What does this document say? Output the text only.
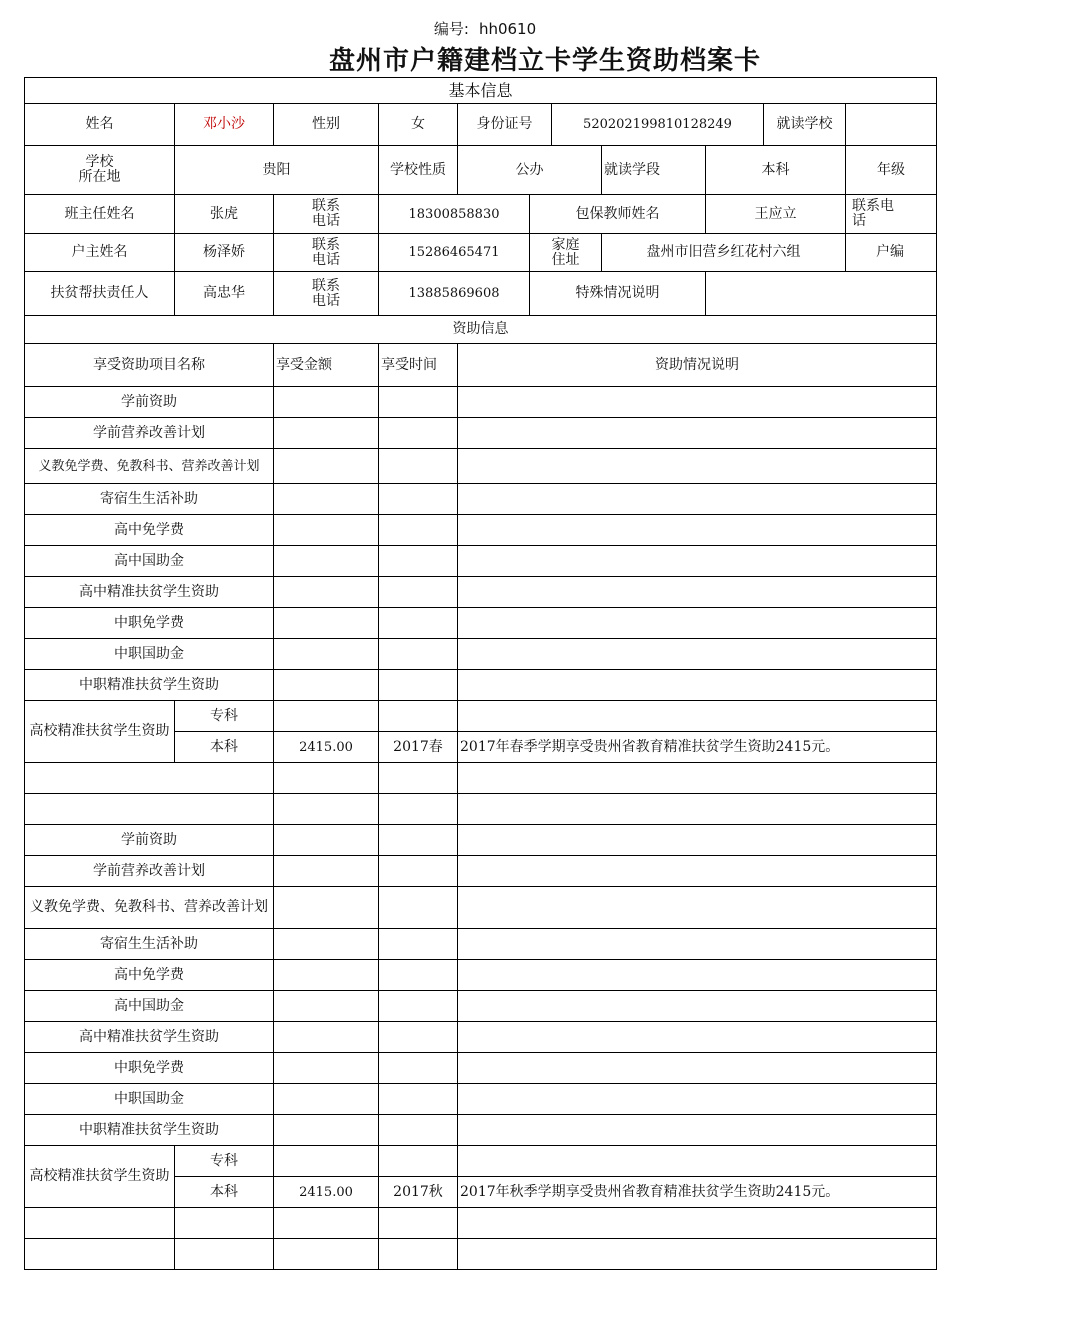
编号: hh0610
盘州市户籍建档立卡学生资助档案卡
基本信息										
姓名	邓小沙	性别	女	身份证号		520202199810128249			就读学校	
学校
所在地	贵阳		学校性质	公办			就读学段	本科		年级
班主任姓名	张虎	联系
电话	18300858830		包保教师姓名			王应立		联系电
话
户主姓名	杨泽娇	联系
电话	15286465471		家庭
住址		盘州市旧营乡红花村六组			户编
扶贫帮扶责任人	高忠华	联系
电话	13885869608		特殊情况说明					
资助信息										
享受资助项目名称		享受金额	享受时间	资助情况说明						
学前资助										
学前营养改善计划										
义教免学费、免教科书、营养改善计划										
寄宿生生活补助										
高中免学费										
高中国助金										
高中精准扶贫学生资助										
中职免学费										
中职国助金										
中职精准扶贫学生资助										
高校精准扶贫学生资助	专科									
	本科	2415.00	2017春	2017年春季学期享受贵州省教育精准扶贫学生资助2415元。						

学前资助										
学前营养改善计划										
义教免学费、免教科书、营养改善计划										
寄宿生生活补助										
高中免学费										
高中国助金										
高中精准扶贫学生资助										
中职免学费										
中职国助金										
中职精准扶贫学生资助										
高校精准扶贫学生资助	专科									
	本科	2415.00	2017秋	2017年秋季学期享受贵州省教育精准扶贫学生资助2415元。						
